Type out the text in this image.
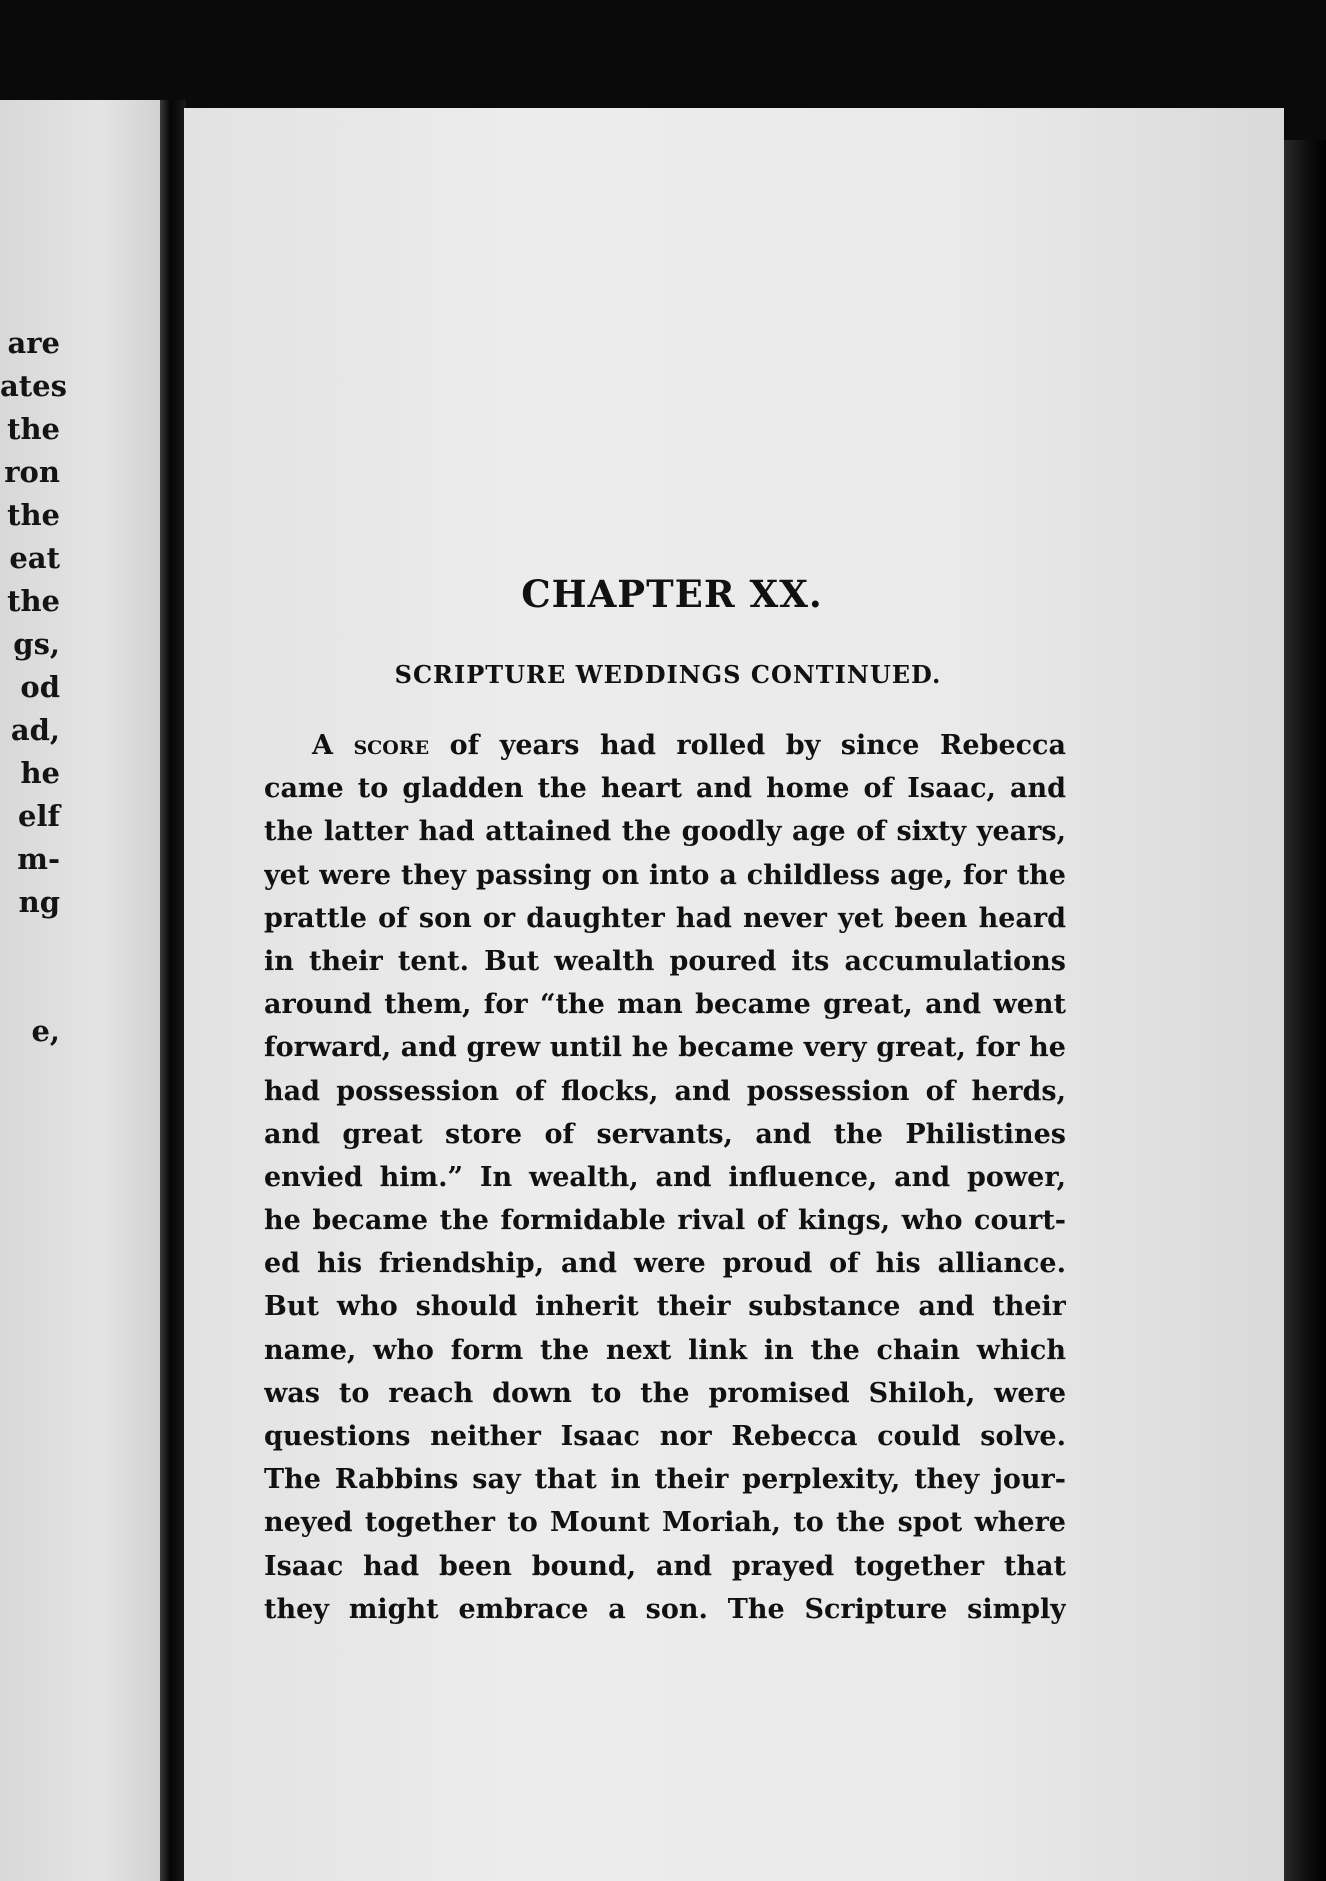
are
ates
the
ron
the
eat
the
gs,
od
ad,
he
elf
m-
ng
e,
CHAPTER XX.
SCRIPTURE WEDDINGS CONTINUED.
A score of years had rolled by since Rebecca
came to gladden the heart and home of Isaac, and
the latter had attained the goodly age of sixty years,
yet were they passing on into a childless age, for the
prattle of son or daughter had never yet been heard
in their tent. But wealth poured its accumulations
around them, for “the man became great, and went
forward, and grew until he became very great, for he
had possession of flocks, and possession of herds,
and great store of servants, and the Philistines
envied him.” In wealth, and influence, and power,
he became the formidable rival of kings, who court-
ed his friendship, and were proud of his alliance.
But who should inherit their substance and their
name, who form the next link in the chain which
was to reach down to the promised Shiloh, were
questions neither Isaac nor Rebecca could solve.
The Rabbins say that in their perplexity, they jour-
neyed together to Mount Moriah, to the spot where
Isaac had been bound, and prayed together that
they might embrace a son. The Scripture simply
